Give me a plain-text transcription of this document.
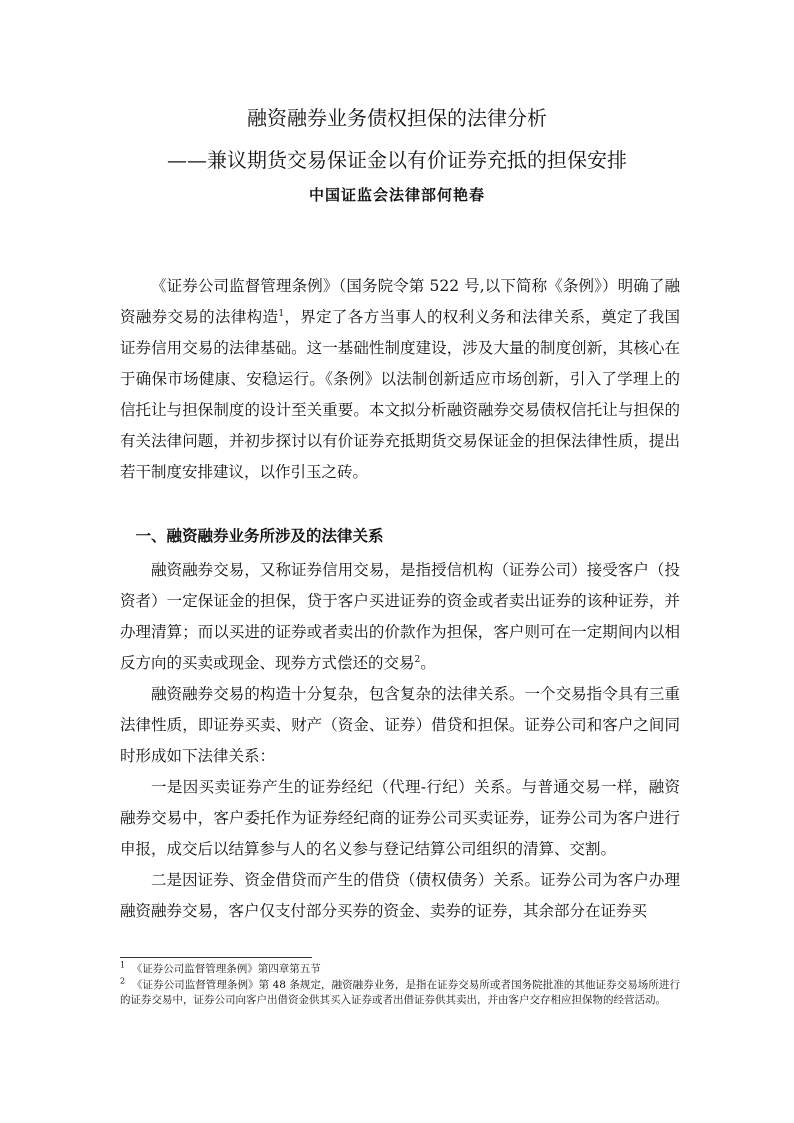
融资融券业务债权担保的法律分析
——兼议期货交易保证金以有价证券充抵的担保安排
中国证监会法律部何艳春

《证券公司监督管理条例》（国务院令第 522 号,以下简称《条例》）明确了融资融券交易的法律构造$^1$，界定了各方当事人的权利义务和法律关系，奠定了我国证券信用交易的法律基础。这一基础性制度建设，涉及大量的制度创新，其核心在于确保市场健康、安稳运行。《条例》以法制创新适应市场创新，引入了学理上的信托让与担保制度的设计至关重要。本文拟分析融资融券交易债权信托让与担保的有关法律问题，并初步探讨以有价证券充抵期货交易保证金的担保法律性质，提出若干制度安排建议，以作引玉之砖。

一、融资融券业务所涉及的法律关系

融资融券交易，又称证券信用交易，是指授信机构（证券公司）接受客户（投资者）一定保证金的担保，贷于客户买进证券的资金或者卖出证券的该种证券，并办理清算；而以买进的证券或者卖出的价款作为担保，客户则可在一定期间内以相反方向的买卖或现金、现券方式偿还的交易$^2$。

融资融券交易的构造十分复杂，包含复杂的法律关系。一个交易指令具有三重法律性质，即证券买卖、财产（资金、证券）借贷和担保。证券公司和客户之间同时形成如下法律关系：

一是因买卖证券产生的证券经纪（代理-行纪）关系。与普通交易一样，融资融券交易中，客户委托作为证券经纪商的证券公司买卖证券，证券公司为客户进行申报，成交后以结算参与人的名义参与登记结算公司组织的清算、交割。

二是因证券、资金借贷而产生的借贷（债权债务）关系。证券公司为客户办理融资融券交易，客户仅支付部分买券的资金、卖券的证券，其余部分在证券买

$^1$ 《证券公司监督管理条例》第四章第五节

$^2$ 《证券公司监督管理条例》第 48 条规定，融资融券业务，是指在证券交易所或者国务院批准的其他证券交易场所进行的证券交易中，证券公司向客户出借资金供其买入证券或者出借证券供其卖出，并由客户交存相应担保物的经营活动。
